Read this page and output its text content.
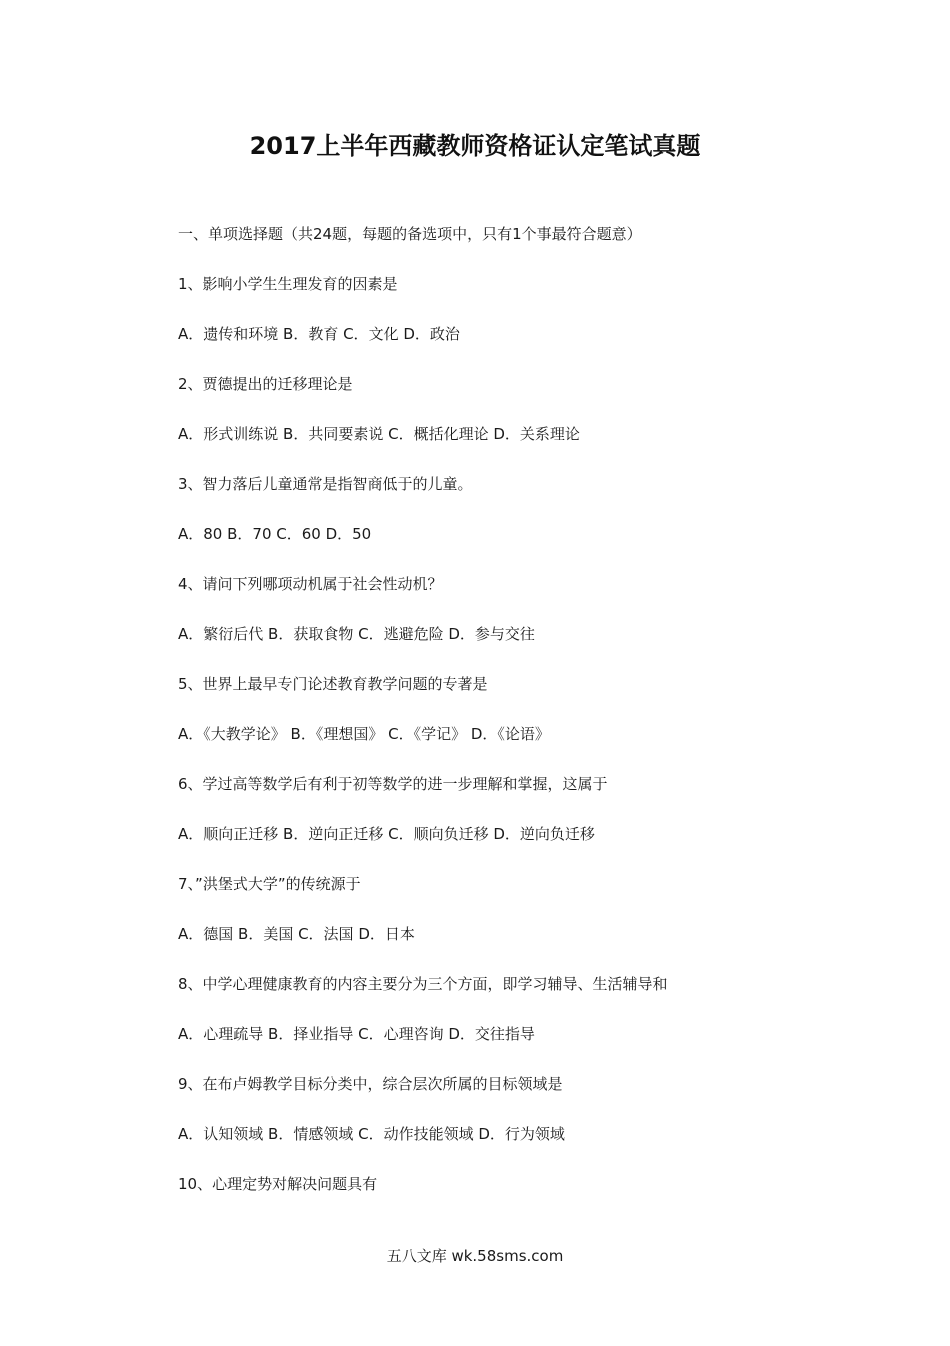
2017上半年西藏教师资格证认定笔试真题
一、单项选择题（共24题，每题的备选项中，只有1个事最符合题意）
1、影响小学生生理发育的因素是
A．遗传和环境 B．教育 C．文化 D．政治
2、贾德提出的迁移理论是
A．形式训练说 B．共同要素说 C．概括化理论 D．关系理论
3、智力落后儿童通常是指智商低于的儿童。
A．80 B．70 C．60 D．50
4、请问下列哪项动机属于社会性动机？
A．繁衍后代 B．获取食物 C．逃避危险 D．参与交往
5、世界上最早专门论述教育教学问题的专著是
A．《大教学论》 B．《理想国》 C．《学记》 D．《论语》
6、学过高等数学后有利于初等数学的进一步理解和掌握，这属于
A．顺向正迁移 B．逆向正迁移 C．顺向负迁移 D．逆向负迁移
7、”洪堡式大学”的传统源于
A．德国 B．美国 C．法国 D．日本
8、中学心理健康教育的内容主要分为三个方面，即学习辅导、生活辅导和
A．心理疏导 B．择业指导 C．心理咨询 D．交往指导
9、在布卢姆教学目标分类中，综合层次所属的目标领域是
A．认知领域 B．情感领域 C．动作技能领域 D．行为领域
10、心理定势对解决问题具有
五八文库 wk.58sms.com
